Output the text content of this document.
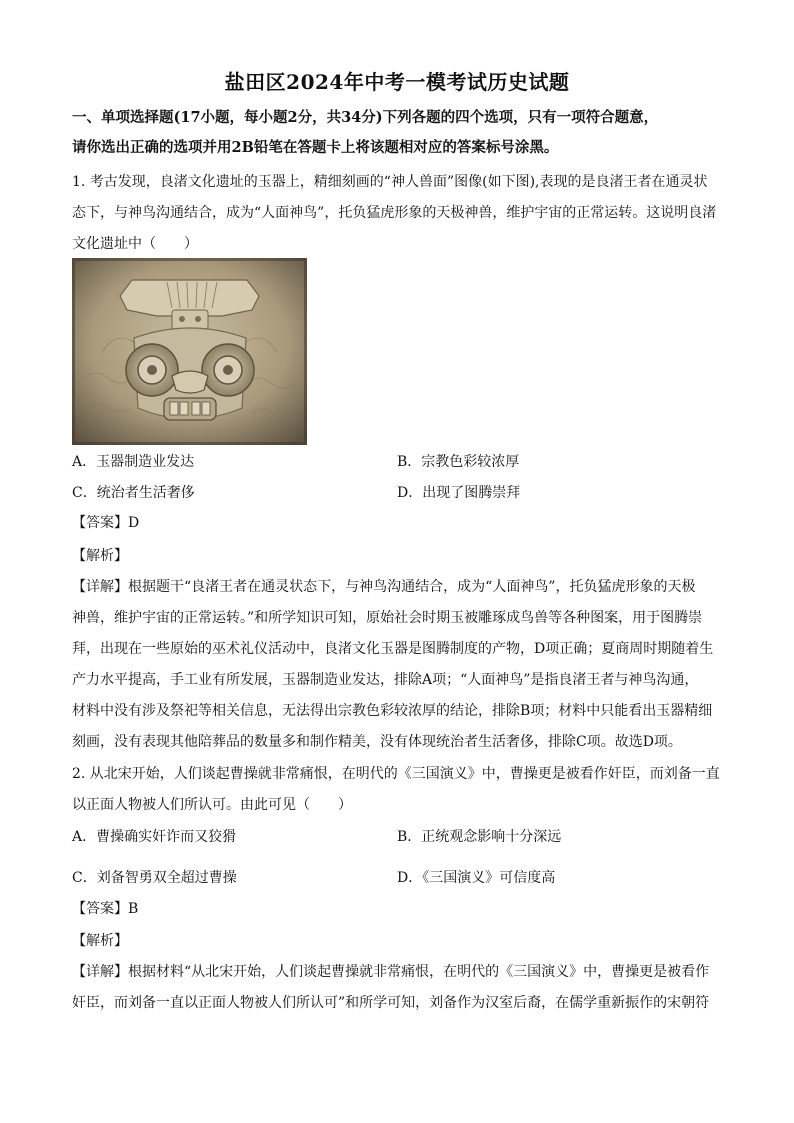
盐田区2024年中考一模考试历史试题
一、单项选择题(17小题，每小题2分，共34分)下列各题的四个选项，只有一项符合题意，
请你选出正确的选项并用2B铅笔在答题卡上将该题相对应的答案标号涂黑。
1. 考古发现，良渚文化遗址的玉器上，精细刻画的“神人兽面”图像(如下图),表现的是良渚王者在通灵状
态下，与神鸟沟通结合，成为“人面神鸟”，托负猛虎形象的天极神兽，维护宇宙的正常运转。这说明良渚
文化遗址中（　　）
A．玉器制造业发达	B．宗教色彩较浓厚
C．统治者生活奢侈	D．出现了图腾崇拜
【答案】D
【解析】
【详解】根据题干“良渚王者在通灵状态下，与神鸟沟通结合，成为“人面神鸟”，托负猛虎形象的天极
神兽，维护宇宙的正常运转。”和所学知识可知，原始社会时期玉被雕琢成鸟兽等各种图案，用于图腾崇
拜，出现在一些原始的巫术礼仪活动中，良渚文化玉器是图腾制度的产物，D项正确；夏商周时期随着生
产力水平提高，手工业有所发展，玉器制造业发达，排除A项；“人面神鸟”是指良渚王者与神鸟沟通，
材料中没有涉及祭祀等相关信息，无法得出宗教色彩较浓厚的结论，排除B项；材料中只能看出玉器精细
刻画，没有表现其他陪葬品的数量多和制作精美，没有体现统治者生活奢侈，排除C项。故选D项。
2. 从北宋开始，人们谈起曹操就非常痛恨，在明代的《三国演义》中，曹操更是被看作奸臣，而刘备一直
以正面人物被人们所认可。由此可见（　　）
A．曹操确实奸诈而又狡猾	B．正统观念影响十分深远
C．刘备智勇双全超过曹操	D．《三国演义》可信度高
【答案】B
【解析】
【详解】根据材料“从北宋开始，人们谈起曹操就非常痛恨，在明代的《三国演义》中，曹操更是被看作
奸臣，而刘备一直以正面人物被人们所认可”和所学可知，刘备作为汉室后裔，在儒学重新振作的宋朝符
